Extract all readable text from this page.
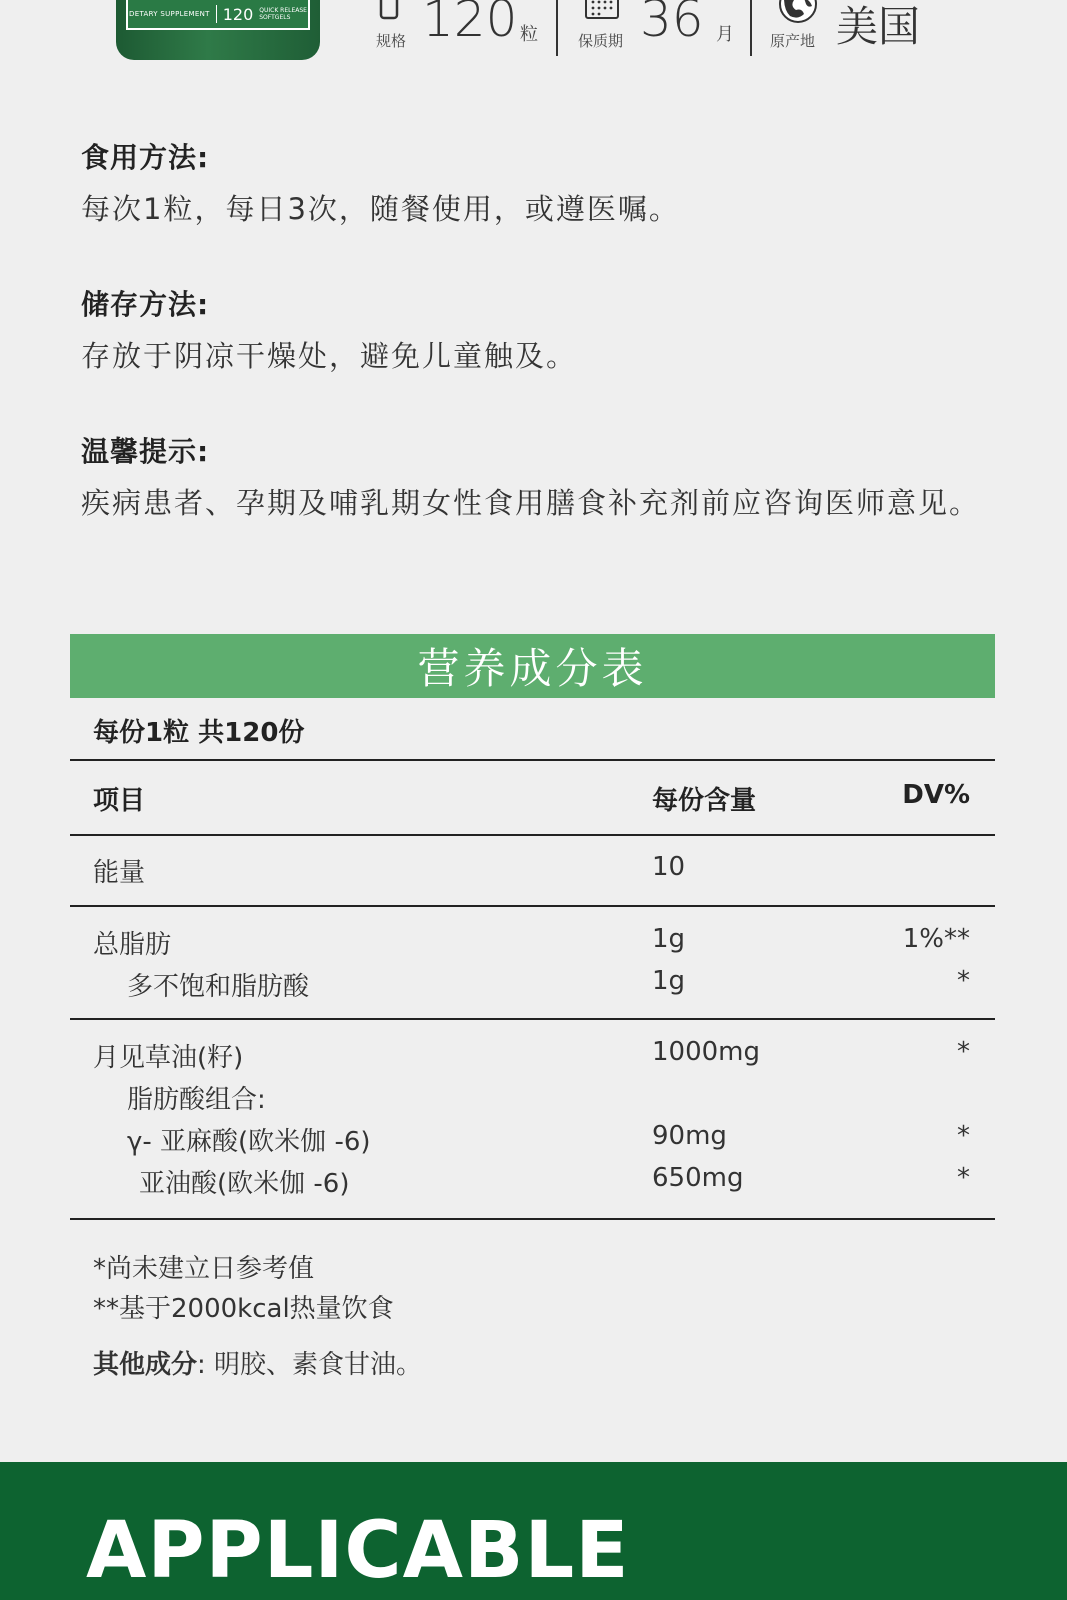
DETARY SUPPLEMENT 120 QUICK RELEASE
SOFTGELS
规格 120 粒	保质期 36 月 原产地 美国
食用方法:
每次1粒，每日3次，随餐使用，或遵医嘱。
储存方法:
存放于阴凉干燥处，避免儿童触及。
温馨提示:
疾病患者、孕期及哺乳期女性食用膳食补充剂前应咨询医师意见。
营养成分表
每份1粒 共120份
项目	每份含量	DV%
能量	10
总脂肪	1g	1%**
多不饱和脂肪酸	1g	*
月见草油(籽)	1000mg	*
脂肪酸组合:
γ- 亚麻酸(欧米伽 -6)	90mg	*
亚油酸(欧米伽 -6)	650mg	*
*尚未建立日参考值
**基于2000kcal热量饮食
其他成分: 明胶、素食甘油。
APPLICABLE
